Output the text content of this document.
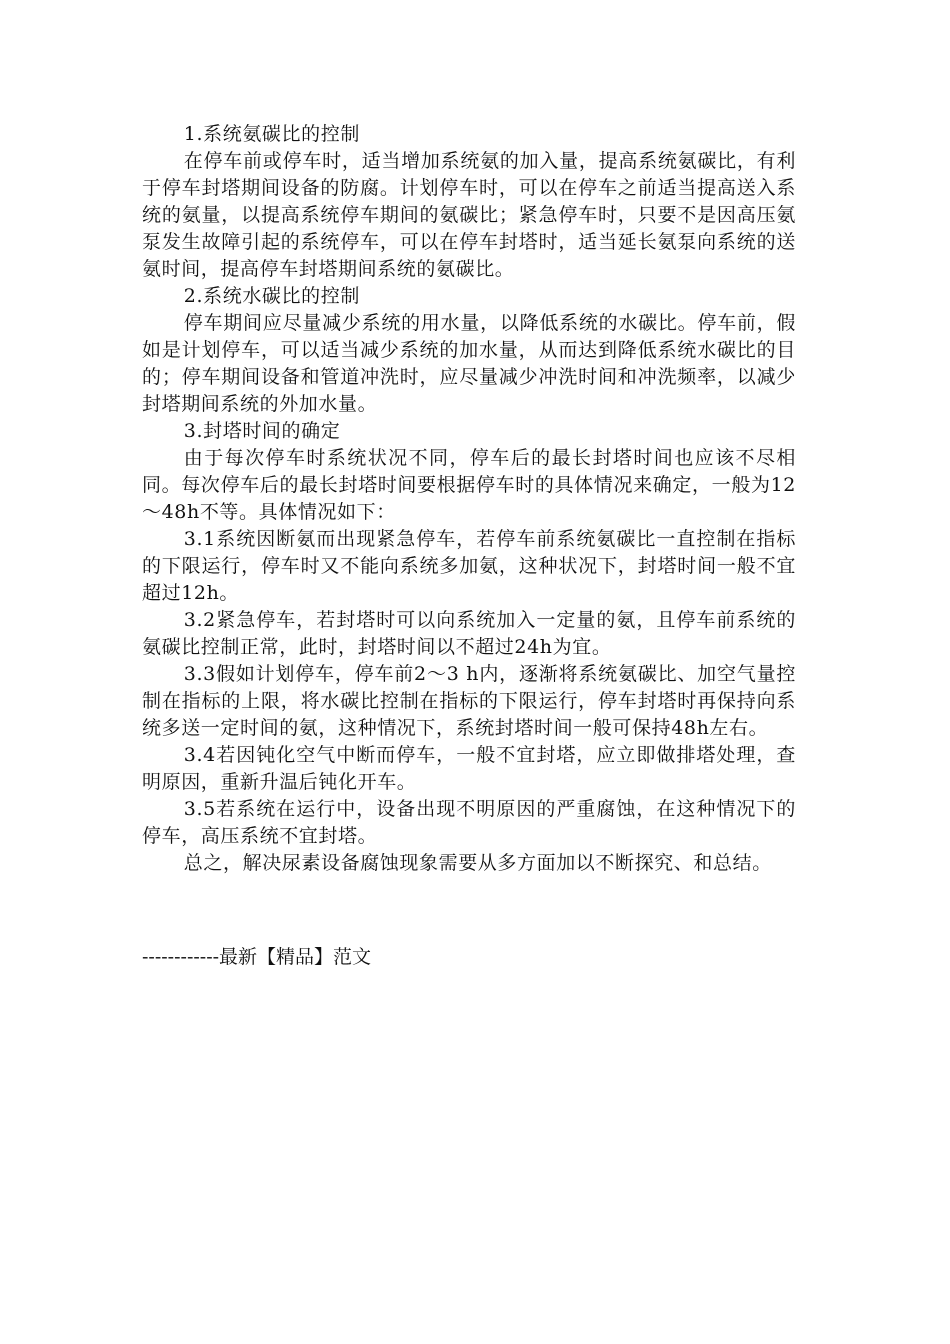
1.系统氨碳比的控制

在停车前或停车时，适当增加系统氨的加入量，提高系统氨碳比，有利于停车封塔期间设备的防腐。计划停车时，可以在停车之前适当提高送入系统的氨量，以提高系统停车期间的氨碳比；紧急停车时，只要不是因高压氨泵发生故障引起的系统停车，可以在停车封塔时，适当延长氨泵向系统的送氨时间，提高停车封塔期间系统的氨碳比。

2.系统水碳比的控制

停车期间应尽量减少系统的用水量，以降低系统的水碳比。停车前，假如是计划停车，可以适当减少系统的加水量，从而达到降低系统水碳比的目的；停车期间设备和管道冲洗时，应尽量减少冲洗时间和冲洗频率，以减少封塔期间系统的外加水量。

3.封塔时间的确定

由于每次停车时系统状况不同，停车后的最长封塔时间也应该不尽相同。每次停车后的最长封塔时间要根据停车时的具体情况来确定，一般为12～48h不等。具体情况如下：

3.1系统因断氨而出现紧急停车，若停车前系统氨碳比一直控制在指标的下限运行，停车时又不能向系统多加氨，这种状况下，封塔时间一般不宜超过12h。

3.2紧急停车，若封塔时可以向系统加入一定量的氨，且停车前系统的氨碳比控制正常，此时，封塔时间以不超过24h为宜。

3.3假如计划停车，停车前2～3 h内，逐渐将系统氨碳比、加空气量控制在指标的上限，将水碳比控制在指标的下限运行，停车封塔时再保持向系统多送一定时间的氨，这种情况下，系统封塔时间一般可保持48h左右。

3.4若因钝化空气中断而停车，一般不宜封塔，应立即做排塔处理，查明原因，重新升温后钝化开车。

3.5若系统在运行中，设备出现不明原因的严重腐蚀，在这种情况下的停车，高压系统不宜封塔。

总之，解决尿素设备腐蚀现象需要从多方面加以不断探究、和总结。

------------最新【精品】范文
